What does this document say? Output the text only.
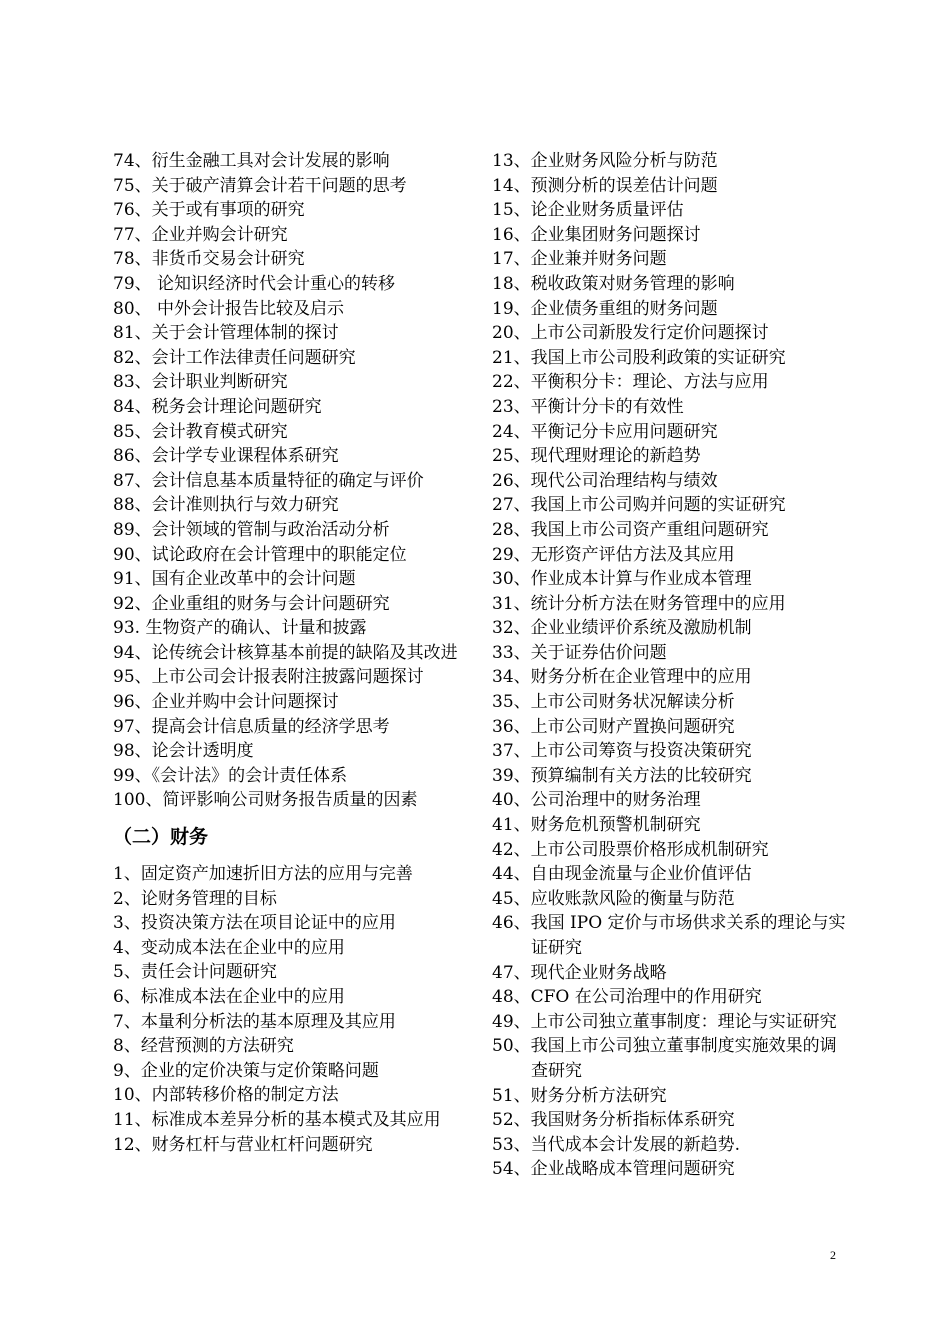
74、衍生金融工具对会计发展的影响
75、关于破产清算会计若干问题的思考
76、关于或有事项的研究
77、企业并购会计研究
78、非货币交易会计研究
79、 论知识经济时代会计重心的转移
80、 中外会计报告比较及启示
81、关于会计管理体制的探讨
82、会计工作法律责任问题研究
83、会计职业判断研究
84、税务会计理论问题研究
85、会计教育模式研究
86、会计学专业课程体系研究
87、会计信息基本质量特征的确定与评价
88、会计准则执行与效力研究
89、会计领域的管制与政治活动分析
90、试论政府在会计管理中的职能定位
91、国有企业改革中的会计问题
92、企业重组的财务与会计问题研究
93. 生物资产的确认、计量和披露
94、论传统会计核算基本前提的缺陷及其改进
95、上市公司会计报表附注披露问题探讨
96、企业并购中会计问题探讨
97、提高会计信息质量的经济学思考
98、论会计透明度
99、《会计法》的会计责任体系
100、简评影响公司财务报告质量的因素
（二）财务
1、固定资产加速折旧方法的应用与完善
2、论财务管理的目标
3、投资决策方法在项目论证中的应用
4、变动成本法在企业中的应用
5、责任会计问题研究
6、标准成本法在企业中的应用
7、本量利分析法的基本原理及其应用
8、经营预测的方法研究
9、企业的定价决策与定价策略问题
10、内部转移价格的制定方法
11、标准成本差异分析的基本模式及其应用
12、财务杠杆与营业杠杆问题研究
13、企业财务风险分析与防范
14、预测分析的误差估计问题
15、论企业财务质量评估
16、企业集团财务问题探讨
17、企业兼并财务问题
18、税收政策对财务管理的影响
19、企业债务重组的财务问题
20、上市公司新股发行定价问题探讨
21、我国上市公司股利政策的实证研究
22、平衡积分卡：理论、方法与应用
23、平衡计分卡的有效性
24、平衡记分卡应用问题研究
25、现代理财理论的新趋势
26、现代公司治理结构与绩效
27、我国上市公司购并问题的实证研究
28、我国上市公司资产重组问题研究
29、无形资产评估方法及其应用
30、作业成本计算与作业成本管理
31、统计分析方法在财务管理中的应用
32、企业业绩评价系统及激励机制
33、关于证券估价问题
34、财务分析在企业管理中的应用
35、上市公司财务状况解读分析
36、上市公司财产置换问题研究
37、上市公司筹资与投资决策研究
39、预算编制有关方法的比较研究
40、公司治理中的财务治理
41、财务危机预警机制研究
42、上市公司股票价格形成机制研究
44、自由现金流量与企业价值评估
45、应收账款风险的衡量与防范
46、我国 IPO 定价与市场供求关系的理论与实证研究
47、现代企业财务战略
48、CFO 在公司治理中的作用研究
49、上市公司独立董事制度：理论与实证研究
50、我国上市公司独立董事制度实施效果的调查研究
51、财务分析方法研究
52、我国财务分析指标体系研究
53、当代成本会计发展的新趋势.
54、企业战略成本管理问题研究
2
